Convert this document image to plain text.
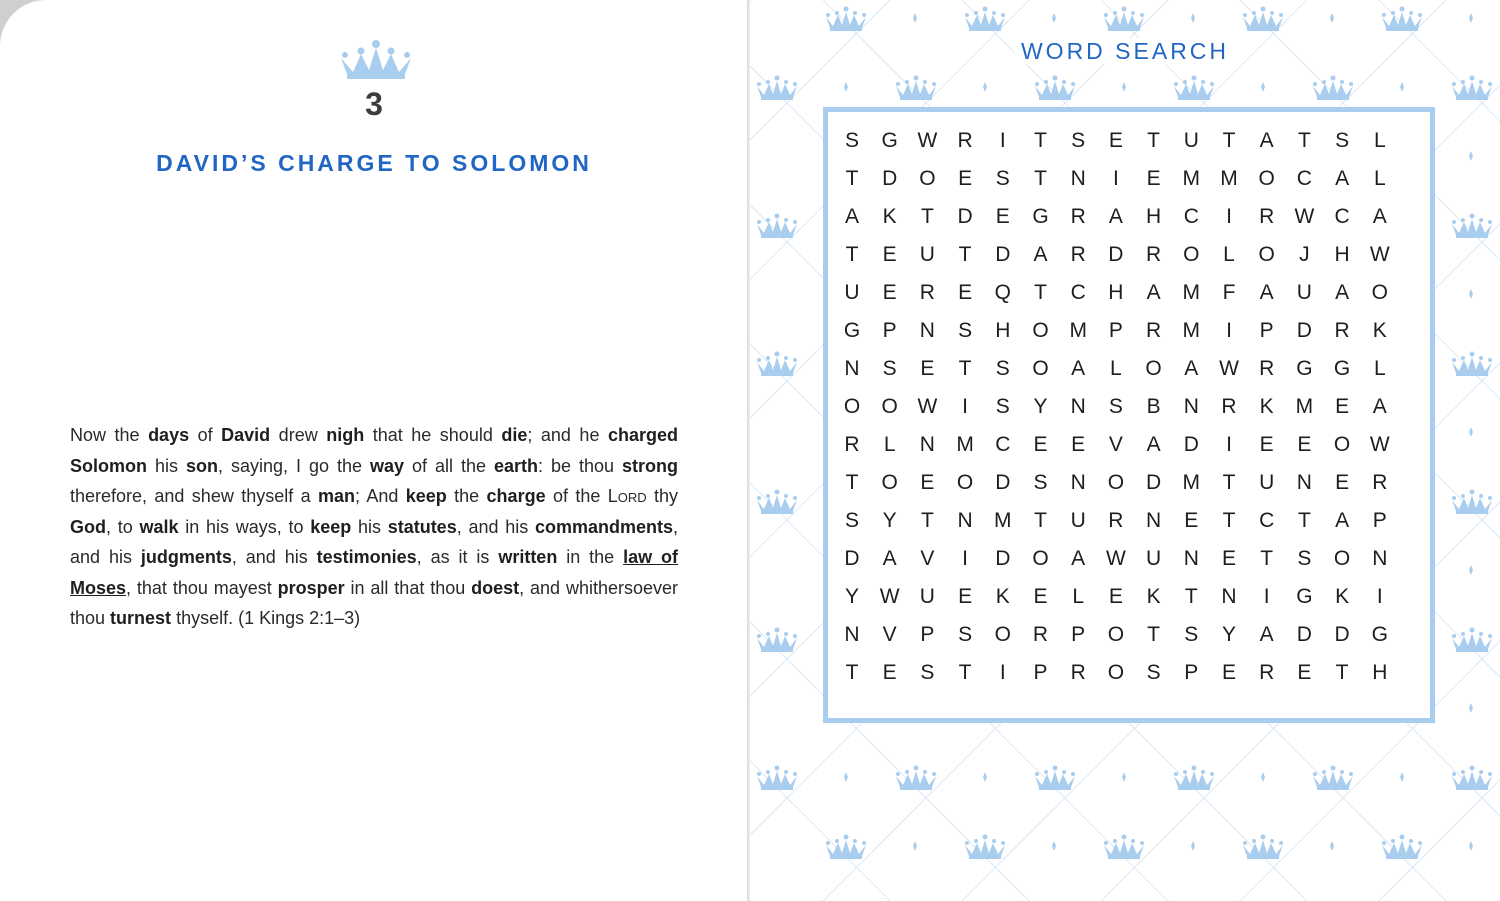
3
DAVID’S CHARGE TO SOLOMON
Now the days of David drew nigh that he should die; and he charged Solomon his son, saying, I go the way of all the earth: be thou strong therefore, and shew thyself a man; And keep the charge of the Lord thy God, to walk in his ways, to keep his statutes, and his commandments, and his judgments, and his testimonies, as it is written in the law of Moses, that thou mayest prosper in all that thou doest, and whithersoever thou turnest thyself. (1 Kings 2:1–3)
WORD SEARCH
S G W R	I	T S E T U T A T S L
T D O E S T N	I	E M M O C A L
A K T D E G R A H C	I	R W C A
T E U T D A R D R O L O	J	H W
U E R E Q T C H A M F A U A O
G P N S H O M P R M	I	P D R K
N S E T S O A L O A W R G G L
O O W	I	S Y N S B N R K M E A
R L N M C E E V A D	I	E E O W
T O E O D S N O D M T U N E R
S Y T N M T U R N E T C T A P
D A V	I	D O A W U N E T S O N
Y W U E K E L E K T N	I	G K	I
N V P S O R P O T S Y A D D G
T E S T	I	P R O S P E R E T H
